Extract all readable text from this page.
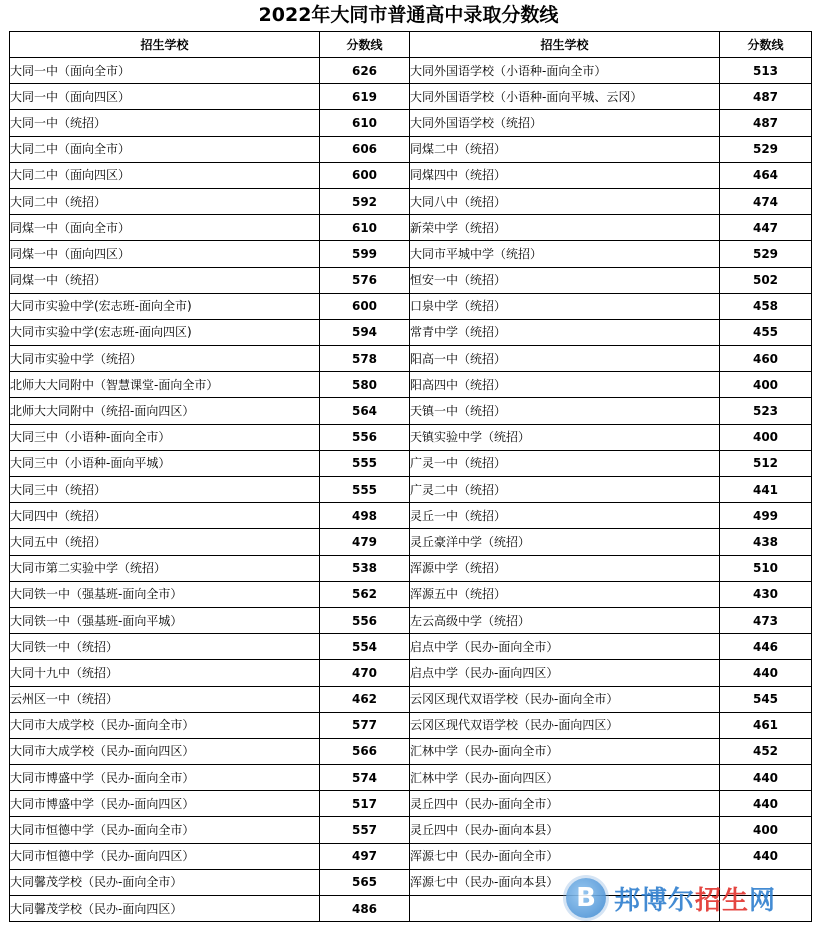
2022年大同市普通高中录取分数线
招生学校	分数线	招生学校	分数线
大同一中（面向全市）	626	大同外国语学校（小语种-面向全市）	513
大同一中（面向四区）	619	大同外国语学校（小语种-面向平城、云冈）	487
大同一中（统招）	610	大同外国语学校（统招）	487
大同二中（面向全市）	606	同煤二中（统招）	529
大同二中（面向四区）	600	同煤四中（统招）	464
大同二中（统招）	592	大同八中（统招）	474
同煤一中（面向全市）	610	新荣中学（统招）	447
同煤一中（面向四区）	599	大同市平城中学（统招）	529
同煤一中（统招）	576	恒安一中（统招）	502
大同市实验中学(宏志班-面向全市)	600	口泉中学（统招）	458
大同市实验中学(宏志班-面向四区)	594	常青中学（统招）	455
大同市实验中学（统招）	578	阳高一中（统招）	460
北师大大同附中（智慧课堂-面向全市）	580	阳高四中（统招）	400
北师大大同附中（统招-面向四区）	564	天镇一中（统招）	523
大同三中（小语种-面向全市）	556	天镇实验中学（统招）	400
大同三中（小语种-面向平城）	555	广灵一中（统招）	512
大同三中（统招）	555	广灵二中（统招）	441
大同四中（统招）	498	灵丘一中（统招）	499
大同五中（统招）	479	灵丘豪洋中学（统招）	438
大同市第二实验中学（统招）	538	浑源中学（统招）	510
大同铁一中（强基班-面向全市）	562	浑源五中（统招）	430
大同铁一中（强基班-面向平城）	556	左云高级中学（统招）	473
大同铁一中（统招）	554	启点中学（民办-面向全市）	446
大同十九中（统招）	470	启点中学（民办-面向四区）	440
云州区一中（统招）	462	云冈区现代双语学校（民办-面向全市）	545
大同市大成学校（民办-面向全市）	577	云冈区现代双语学校（民办-面向四区）	461
大同市大成学校（民办-面向四区）	566	汇林中学（民办-面向全市）	452
大同市博盛中学（民办-面向全市）	574	汇林中学（民办-面向四区）	440
大同市博盛中学（民办-面向四区）	517	灵丘四中（民办-面向全市）	440
大同市恒德中学（民办-面向全市）	557	灵丘四中（民办-面向本县）	400
大同市恒德中学（民办-面向四区）	497	浑源七中（民办-面向全市）	440
大同馨茂学校（民办-面向全市）	565	浑源七中（民办-面向本县）	
大同馨茂学校（民办-面向四区）	486			B 邦博尔招生网
